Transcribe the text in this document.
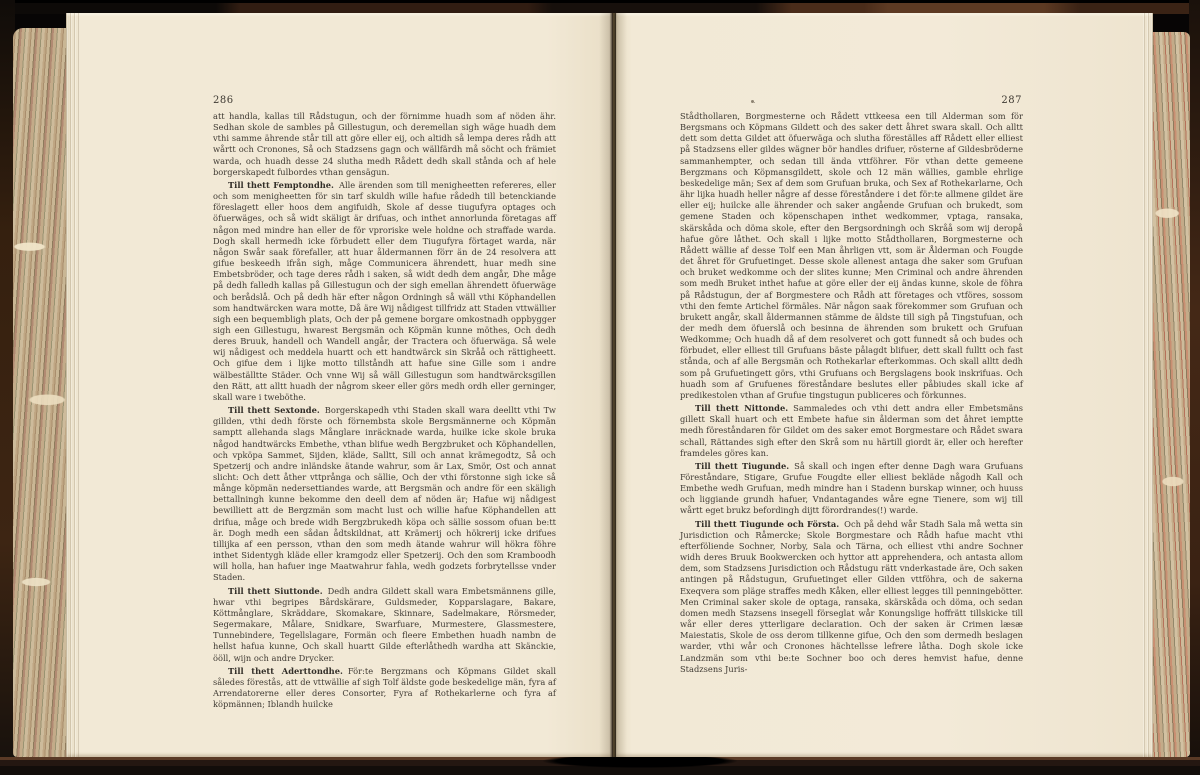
286	287

att handla, kallas till Rådstugun, och der förnimme huadh som af nöden ähr. Sedhan skole de sambles på Gillestugun, och deremellan sigh wäge huadh dem vthi samme ährende står till att göre eller eij, och altidh så lempa deres rådh att wårtt och Cronones, Så och Stadzsens gagn och wällfärdh må söcht och främiet warda, och huadh desse 24 slutha medh Rådett dedh skall stånda och af hele borgerskapedt fulbordes vthan gensägun.

Till thett Femptondhe. Alle ärenden som till menigheetten refereres, eller och som menigheetten för sin tarf skuldh wille hafue rådedh till betenckiande föreslagett eller hoos dem angifuidh, Skole af desse tiugufyra optages och öfuerwäges, och så widt skäligt är drifuas, och inthet annorlunda företagas aff någon med mindre han eller de för vproriske wele holdne och straffade warda. Dogh skall hermedh icke förbudett eller dem Tiugufyra förtaget warda, när någon Swår saak förefaller, att huar åldermannen förr än de 24 resolvera att gifue beskeedh ifrån sigh, måge Communicera ährendett, huar medh sine Embetsbröder, och tage deres rådh i saken, så widt dedh dem angår, Dhe måge på dedh falledh kallas på Gillestugun och der sigh emellan ährendett öfuerwäge och berådslå. Och på dedh här efter någon Ordningh så wäll vthi Köphandellen som handtwärcken wara motte, Då äre Wij nådigest tillfridz att Staden vttwällier sigh een bequembligh plats, Och der på gemene borgare omkostnadh oppbygger sigh een Gillestugu, hwarest Bergsmän och Köpmän kunne möthes, Och dedh deres Bruuk, handell och Wandell angår, der Tractera och öfuerwäga. Så wele wij nådigest och meddela huartt och ett handtwärck sin Skråå och rättigheett. Och gifue dem i lijke motto tillståndh att hafue sine Gille som i andre wälbeställtte Städer. Och vnne Wij så wäll Gillestugun som handtwärcksgillen den Rätt, att alltt huadh der någrom skeer eller görs medh ordh eller gerninger, skall ware i tweböthe.

Till thett Sextonde. Borgerskapedh vthi Staden skall wara deelltt vthi Tw gillden, vthi dedh förste och förnembsta skole Bergsmännerne och Köpmän samptt allehanda slags Månglare inräcknade warda, huilke icke skole bruka någod handtwärcks Embethe, vthan blifue wedh Bergzbruket och Köphandellen, och vpköpa Sammet, Sijden, kläde, Salltt, Sill och annat krämegodtz, Så och Spetzerij och andre inländske ätande wahrur, som är Lax, Smör, Ost och annat slicht: Och dett åther vttprånga och sällie, Och der vthi förstonne sigh icke så månge köpmän nedersettiandes warde, att Bergsmän och andre för een skäligh bettallningh kunne bekomme den deell dem af nöden är; Hafue wij nådigest bewilliett att de Bergzmän som macht lust och willie hafue Köphandellen att drifua, måge och brede widh Bergzbrukedh köpa och sällie sossom ofuan be:tt är. Dogh medh een sådan ådtskildnat, att Krämerij och hökrerij icke drifues tillijka af een persson, vthan den som medh ätande wahrur will hökra föhre inthet Sidentygh kläde eller kramgodz eller Spetzerij. Och den som Kramboodh will holla, han hafuer inge Maatwahrur fahla, wedh godzets forbrytellsse vnder Staden.

Till thett Siuttonde. Dedh andra Gildett skall wara Embetsmännens gille, hwar vthi begripes Bårdskärare, Guldsmeder, Kopparslagare, Bakare, Köttmånglare, Skräddare, Skomakare, Skinnare, Sadelmakare, Rörsmeder, Segermakare, Målare, Snidkare, Swarfuare, Murmestere, Glassmestere, Tunnebindere, Tegellslagare, Formän och fleere Embethen huadh nambn de hellst hafua kunne, Och skall huartt Gilde efterlåthedh wardha att Skänckie, ööll, wijn och andre Drycker.

Till thett Aderttondhe. För:te Bergzmans och Köpmans Gildet skall således förestås, att de vttwällie af sigh Tolf äldste gode beskedelige män, fyra af Arrendatorerne eller deres Consorter, Fyra af Rothekarlerne och fyra af köpmännen; Iblandh huilcke

Stådthollaren, Borgmesterne och Rådett vttkeesa een till Alderman som för Bergsmans och Köpmans Gildett och des saker dett åhret swara skall. Och alltt dett som detta Gildet att öfuerwäga och slutha föreställes aff Rådett eller elliest på Stadzsens eller gildes wägner bör handles drifuer, rösterne af Gildesbröderne sammanhempter, och sedan till ända vttföhrer. För vthan dette gemeene Bergzmans och Köpmansgildett, skole och 12 män wällies, gamble ehrlige beskedelige män; Sex af dem som Grufuan bruka, och Sex af Rothekarlarne, Och ähr lijka huadh heller någre af desse föreståndere i det för:te allmene gildet äre eller eij; huilcke alle ährender och saker angående Grufuan och brukedt, som gemene Staden och köpenschapen inthet wedkommer, vptaga, ransaka, skärskåda och döma skole, efter den Bergsordningh och Skråå som wij deropå hafue göre låthet. Och skall i lijke motto Stådthollaren, Borgmesterne och Rådett wällie af desse Tolf een Man åhrligen vtt, som är Ålderman och Fougde det åhret för Grufuetinget. Desse skole allenest antaga dhe saker som Grufuan och bruket wedkomme och der slites kunne; Men Criminal och andre ährenden som medh Bruket inthet hafue at göre eller der eij ändas kunne, skole de föhra på Rådstugun, der af Borgmestere och Rådh att företages och vtföres, sossom vthi den femte Artichel förmäles. När någon saak förekommer som Grufuan och brukett angår, skall åldermannen stämme de äldste till sigh på Tingstufuan, och der medh dem öfuerslå och besinna de ährenden som brukett och Grufuan Wedkomme; Och huadh då af dem resolveret och gott funnedt så och budes och förbudet, eller elliest till Grufuans bäste pålagdt blifuer, dett skall fulltt och fast stånda, och af alle Bergsmän och Rothekarlar efterkommas. Och skall alltt dedh som på Grufuetingett görs, vthi Grufuans och Bergslagens book inskrifuas. Och huadh som af Grufuenes föreståndare beslutes eller påbiudes skall icke af predikestolen vthan af Grufue tingstugun publiceres och förkunnes.

Till thett Nittonde. Sammaledes och vthi dett andra eller Embetsmäns gillett Skall huart och ett Embete hafue sin ålderman som det åhret iemptte medh föreståndaren för Gildet om des saker emot Borgmestare och Rådet swara schall, Rättandes sigh efter den Skrå som nu härtill giordt är, eller och herefter framdeles göres kan.

Till thett Tiugunde. Så skall och ingen efter denne Dagh wara Grufuans Föreståndare, Stigare, Grufue Fougdte eller elliest bekläde någodh Kall och Embethe wedh Grufuan, medh mindre han i Stadenn burskap winner, och huuss och liggiande grundh hafuer, Vndantagandes wåre egne Tienere, som wij till wårtt eget brukz befordingh dijtt förordrandes(!) warde.

Till thett Tiugunde och Första. Och på dehd wår Stadh Sala må wetta sin Jurisdiction och Råmercke; Skole Borgmestare och Rådh hafue macht vthi efterföliende Sochner, Norby, Sala och Tärna, och elliest vthi andre Sochner widh deres Bruuk Bookwercken och hyttor att apprehendera, och antasta allom dem, som Stadzsens Jurisdiction och Rådstugu rätt vnderkastade äre, Och saken antingen på Rådstugun, Grufuetinget eller Gilden vttföhra, och de sakerna Exeqvera som pläge straffes medh Kåken, eller elliest legges till penningebötter. Men Criminal saker skole de optaga, ransaka, skärskåda och döma, och sedan domen medh Stazsens insegell förseglat wår Konungslige hoffrätt tillskicke till wår eller deres ytterligare declaration. Och der saken är Crimen læsæ Maiestatis, Skole de oss derom tillkenne gifue, Och den som dermedh beslagen warder, vthi wår och Cronones hächtellsse lefrere låtha. Dogh skole icke Landzmän som vthi be:te Sochner boo och deres hemvist hafue, denne Stadzsens Juris-
